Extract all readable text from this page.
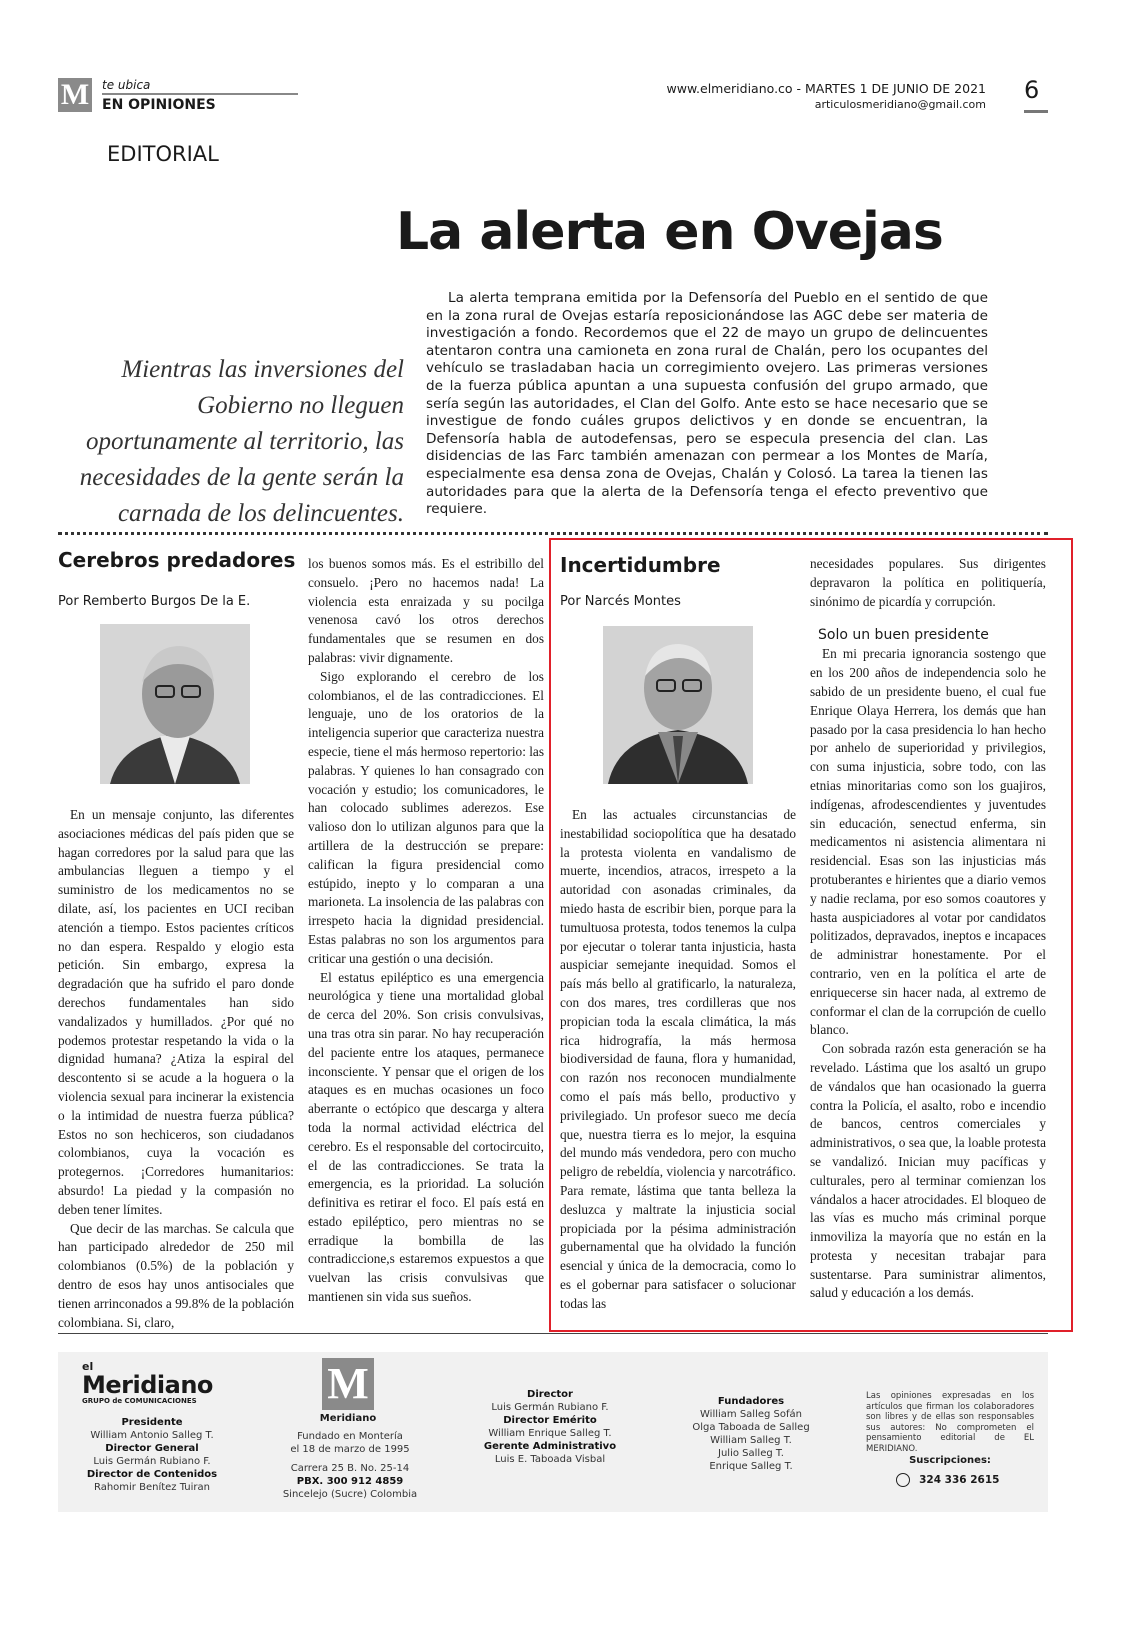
M te ubica
EN OPINIONES
www.elmeridiano.co - MARTES 1 DE JUNIO DE 2021
articulosmeridiano@gmail.com
6
EDITORIAL
La alerta en Ovejas
Mientras las inversiones del Gobierno no lleguen oportunamente al territorio, las necesidades de la gente serán la carnada de los delincuentes.
La alerta temprana emitida por la Defensoría del Pueblo en el sentido de que en la zona rural de Ovejas estaría reposicionándose las AGC debe ser materia de investigación a fondo. Recordemos que el 22 de mayo un grupo de delincuentes atentaron contra una camioneta en zona rural de Chalán, pero los ocupantes del vehículo se trasladaban hacia un corregimiento ovejero. Las primeras versiones de la fuerza pública apuntan a una supuesta confusión del grupo armado, que sería según las autoridades, el Clan del Golfo. Ante esto se hace necesario que se investigue de fondo cuáles grupos delictivos y en donde se encuentran, la Defensoría habla de autodefensas, pero se especula presencia del clan. Las disidencias de las Farc también amenazan con permear a los Montes de María, especialmente esa densa zona de Ovejas, Chalán y Colosó. La tarea la tienen las autoridades para que la alerta de la Defensoría tenga el efecto preventivo que requiere.
Cerebros predadores
Por Remberto Burgos De la E.

En un mensaje conjunto, las diferentes asociaciones médicas del país piden que se hagan corredores por la salud para que las ambulancias lleguen a tiempo y el suministro de los medicamentos no se dilate, así, los pacientes en UCI reciban atención a tiempo. Estos pacientes críticos no dan espera. Respaldo y elogio esta petición. Sin embargo, expresa la degradación que ha sufrido el paro donde derechos fundamentales han sido vandalizados y humillados. ¿Por qué no podemos protestar respetando la vida o la dignidad humana? ¿Atiza la espiral del descontento si se acude a la hoguera o la violencia sexual para incinerar la existencia o la intimidad de nuestra fuerza pública? Estos no son hechiceros, son ciudadanos colombianos, cuya la vocación es protegernos. ¡Corredores humanitarios: absurdo! La piedad y la compasión no deben tener límites.

Que decir de las marchas. Se calcula que han participado alrededor de 250 mil colombianos (0.5%) de la población y dentro de esos hay unos antisociales que tienen arrinconados a 99.8% de la población colombiana. Si, claro,

los buenos somos más. Es el estribillo del consuelo. ¡Pero no hacemos nada! La violencia esta enraizada y su pocilga venenosa cavó los otros derechos fundamentales que se resumen en dos palabras: vivir dignamente.

Sigo explorando el cerebro de los colombianos, el de las contradicciones. El lenguaje, uno de los oratorios de la inteligencia superior que caracteriza nuestra especie, tiene el más hermoso repertorio: las palabras. Y quienes lo han consagrado con vocación y estudio; los comunicadores, le han colocado sublimes aderezos. Ese valioso don lo utilizan algunos para que la artillera de la destrucción se prepare: califican la figura presidencial como estúpido, inepto y lo comparan a una marioneta. La insolencia de las palabras con irrespeto hacia la dignidad presidencial. Estas palabras no son los argumentos para criticar una gestión o una decisión.

El estatus epiléptico es una emergencia neurológica y tiene una mortalidad global de cerca del 20%. Son crisis convulsivas, una tras otra sin parar. No hay recuperación del paciente entre los ataques, permanece inconsciente. Y pensar que el origen de los ataques es en muchas ocasiones un foco aberrante o ectópico que descarga y altera toda la normal actividad eléctrica del cerebro. Es el responsable del cortocircuito, el de las contradicciones. Se trata la emergencia, es la prioridad. La solución definitiva es retirar el foco. El país está en estado epiléptico, pero mientras no se erradique la bombilla de las contradiccione,s estaremos expuestos a que vuelvan las crisis convulsivas que mantienen sin vida sus sueños.

Incertidumbre
Por Narcés Montes

En las actuales circunstancias de inestabilidad sociopolítica que ha desatado la protesta violenta en vandalismo de muerte, incendios, atracos, irrespeto a la autoridad con asonadas criminales, da miedo hasta de escribir bien, porque para la tumultuosa protesta, todos tenemos la culpa por ejecutar o tolerar tanta injusticia, hasta auspiciar semejante inequidad. Somos el país más bello al gratificarlo, la naturaleza, con dos mares, tres cordilleras que nos propician toda la escala climática, la más rica hidrografía, la más hermosa biodiversidad de fauna, flora y humanidad, con razón nos reconocen mundialmente como el país más bello, productivo y privilegiado. Un profesor sueco me decía que, nuestra tierra es lo mejor, la esquina del mundo más vendedora, pero con mucho peligro de rebeldía, violencia y narcotráfico. Para remate, lástima que tanta belleza la desluzca y maltrate la injusticia social propiciada por la pésima administración gubernamental que ha olvidado la función esencial y única de la democracia, como lo es el gobernar para satisfacer o solucionar todas las

necesidades populares. Sus dirigentes depravaron la política en politiquería, sinónimo de picardía y corrupción.

Solo un buen presidente

En mi precaria ignorancia sostengo que en los 200 años de independencia solo he sabido de un presidente bueno, el cual fue Enrique Olaya Herrera, los demás que han pasado por la casa presidencia lo han hecho por anhelo de superioridad y privilegios, con suma injusticia, sobre todo, con las etnias minoritarias como son los guajiros, indígenas, afrodescendientes y juventudes sin educación, senectud enferma, sin medicamentos ni asistencia alimentara ni residencial. Esas son las injusticias más protuberantes e hirientes que a diario vemos y nadie reclama, por eso somos coautores y hasta auspiciadores al votar por candidatos politizados, depravados, ineptos e incapaces de administrar honestamente. Por el contrario, ven en la política el arte de enriquecerse sin hacer nada, al extremo de conformar el clan de la corrupción de cuello blanco.

Con sobrada razón esta generación se ha revelado. Lástima que los asaltó un grupo de vándalos que han ocasionado la guerra contra la Policía, el asalto, robo e incendio de bancos, centros comerciales y administrativos, o sea que, la loable protesta se vandalizó. Inician muy pacíficas y culturales, pero al terminar comienzan los vándalos a hacer atrocidades. El bloqueo de las vías es mucho más criminal porque inmoviliza la mayoría que no están en la protesta y necesitan trabajar para sustentarse. Para suministrar alimentos, salud y educación a los demás.

el
Meridiano
GRUPO de COMUNICACIONES
Presidente
William Antonio Salleg T.
Director General
Luis Germán Rubiano F.
Director de Contenidos
Rahomir Benítez Tuiran
M
Meridiano
Fundado en Montería
el 18 de marzo de 1995
Carrera 25 B. No. 25-14
PBX. 300 912 4859
Sincelejo (Sucre) Colombia
Director
Luis Germán Rubiano F.
Director Emérito
William Enrique Salleg T.
Gerente Administrativo
Luis E. Taboada Visbal
Fundadores
William Salleg Sofán
Olga Taboada de Salleg
William Salleg T.
Julio Salleg T.
Enrique Salleg T.
Las opiniones expresadas en los artículos que firman los colaboradores son libres y de ellas son responsables sus autores: No comprometen el pensamiento editorial de EL MERIDIANO.
Suscripciones:
324 336 2615
